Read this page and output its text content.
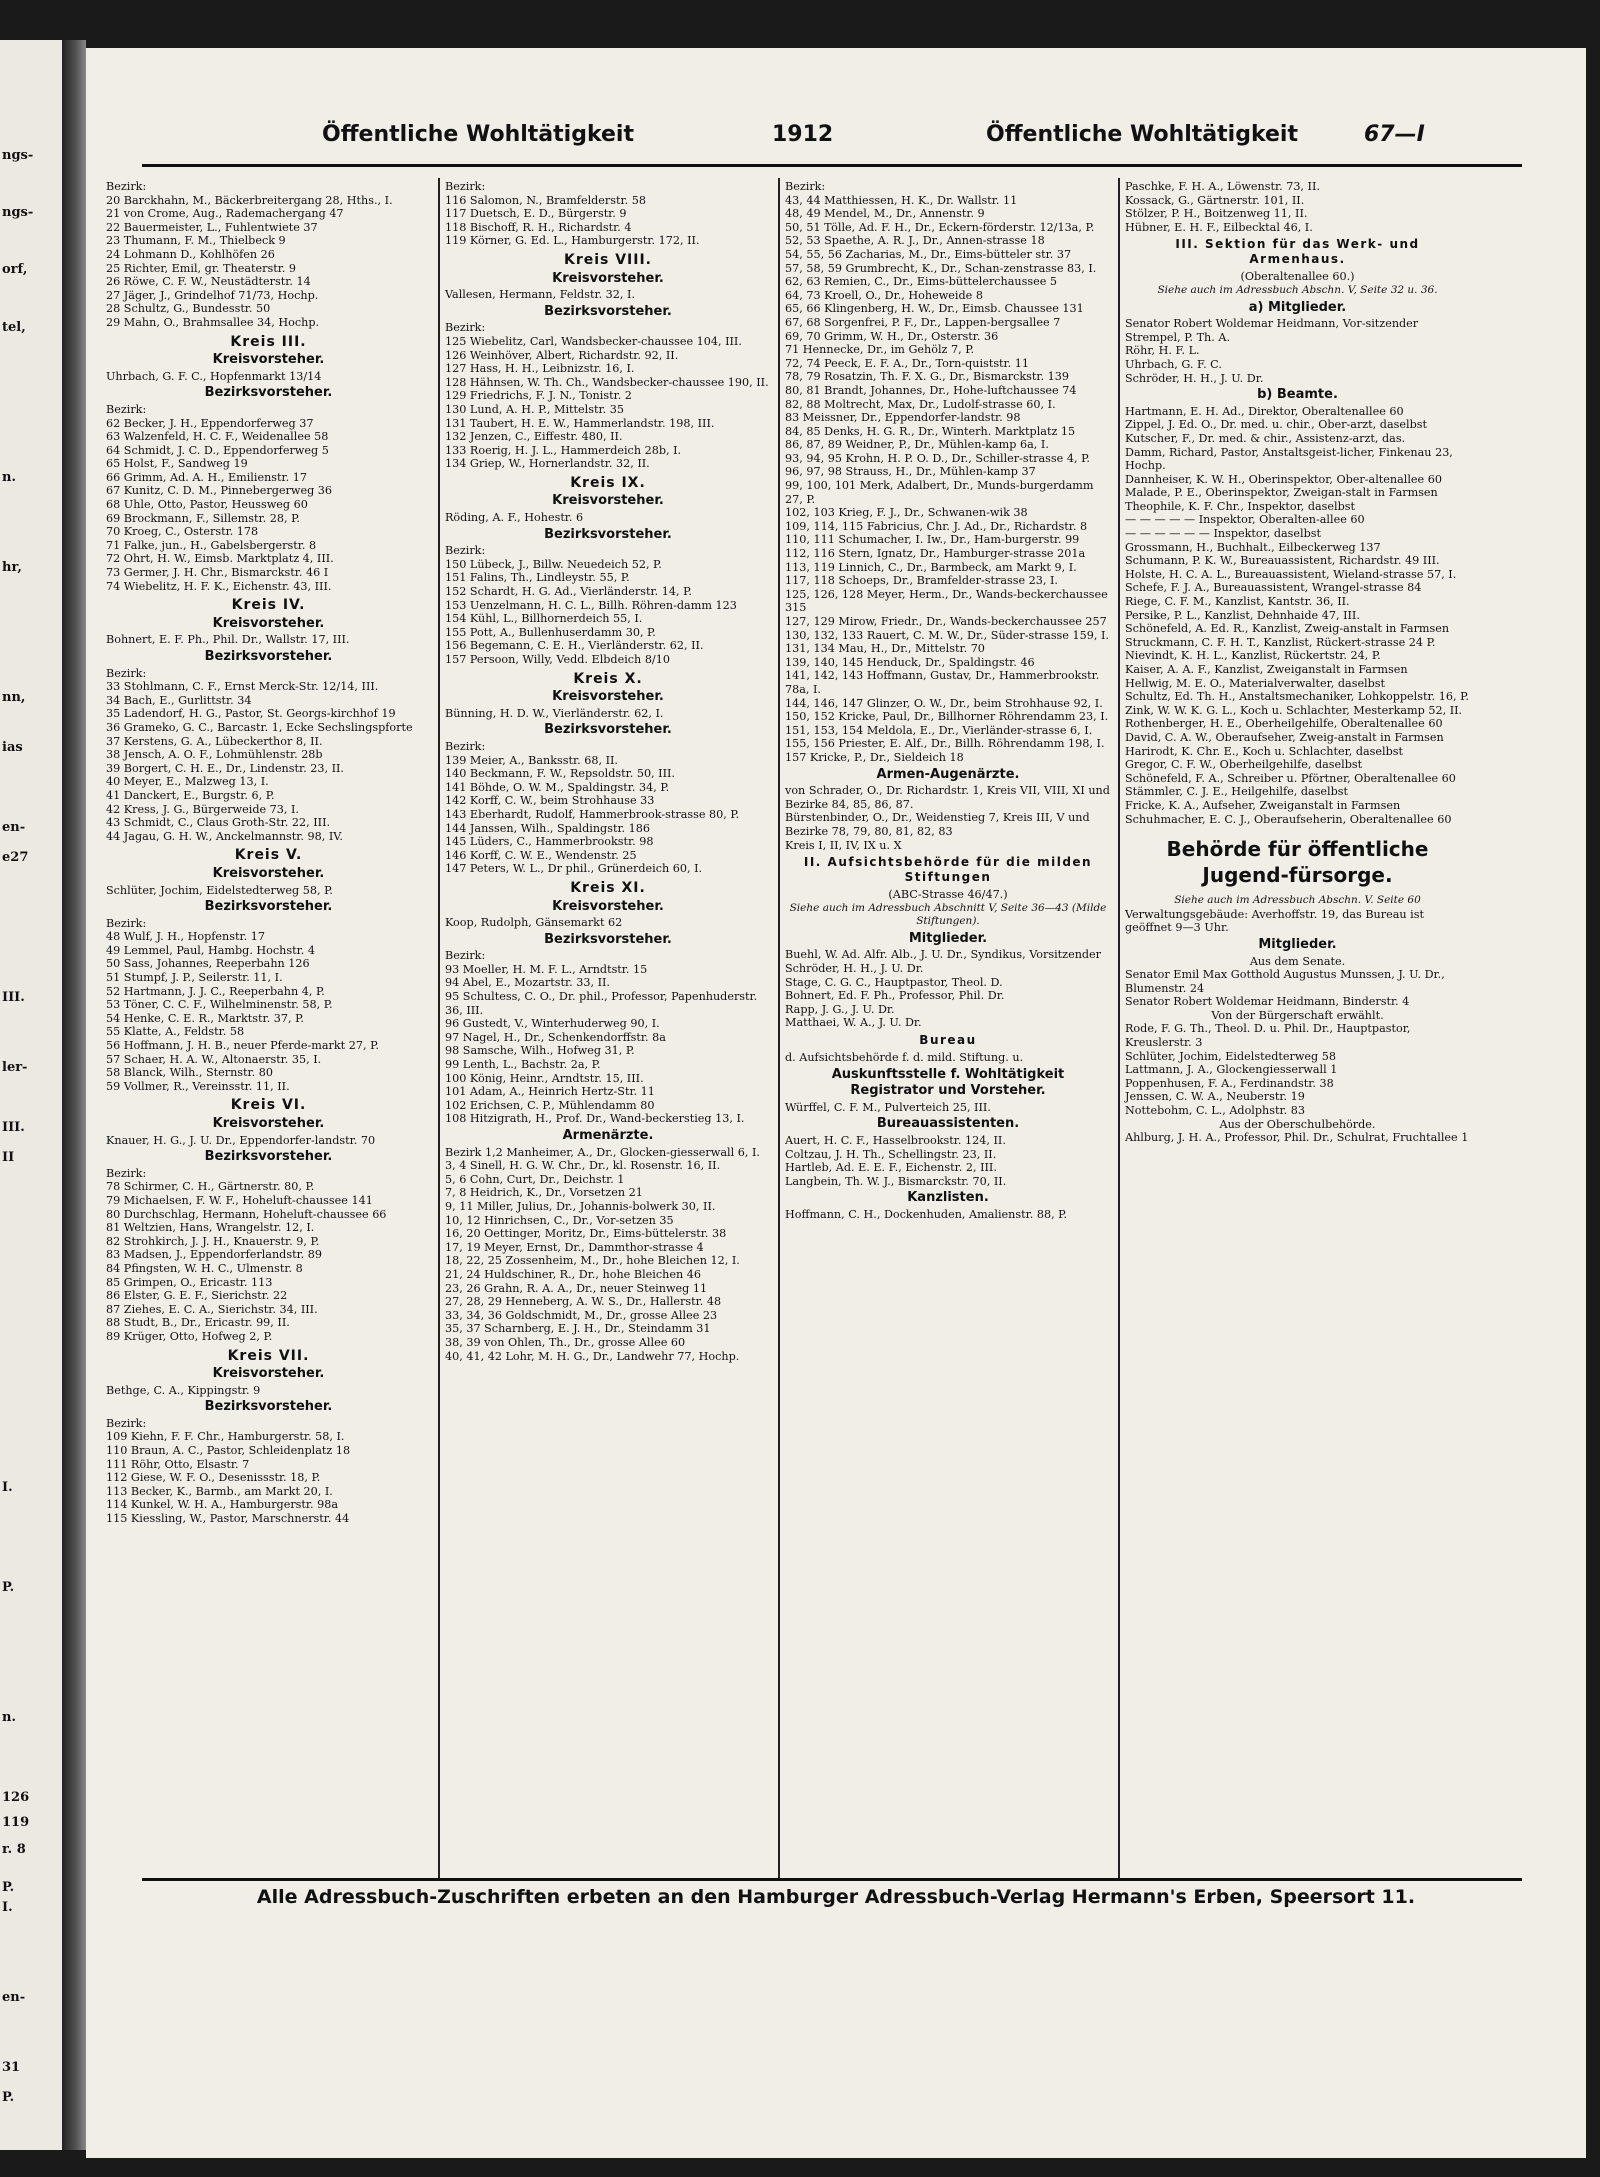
ngs-
ngs-
orf,
tel,
n.
hr,
nn,
ias
en-
e27
III.
ler-
III.
II
I.
P.
n.
126
119
r. 8
P.
I.
en-
31
P.
Öffentliche Wohltätigkeit	1912	Öffentliche Wohltätigkeit	67—I
Bezirk:
20 Barckhahn, M., Bäckerbreitergang 28, Hths., I.
21 von Crome, Aug., Rademachergang 47
22 Bauermeister, L., Fuhlentwiete 37
23 Thumann, F. M., Thielbeck 9
24 Lohmann D., Kohlhöfen 26
25 Richter, Emil, gr. Theaterstr. 9
26 Röwe, C. F. W., Neustädterstr. 14
27 Jäger, J., Grindelhof 71/73, Hochp.
28 Schultz, G., Bundesstr. 50
29 Mahn, O., Brahmsallee 34, Hochp.
Kreis III.
Kreisvorsteher.
Uhrbach, G. F. C., Hopfenmarkt 13/14
Bezirksvorsteher.
Bezirk:
62 Becker, J. H., Eppendorferweg 37
63 Walzenfeld, H. C. F., Weidenallee 58
64 Schmidt, J. C. D., Eppendorferweg 5
65 Holst, F., Sandweg 19
66 Grimm, Ad. A. H., Emilienstr. 17
67 Kunitz, C. D. M., Pinnebergerweg 36
68 Uhle, Otto, Pastor, Heussweg 60
69 Brockmann, F., Sillemstr. 28, P.
70 Kroeg, C., Osterstr. 178
71 Falke, jun., H., Gabelsbergerstr. 8
72 Ohrt, H. W., Eimsb. Marktplatz 4, III.
73 Germer, J. H. Chr., Bismarckstr. 46 I
74 Wiebelitz, H. F. K., Eichenstr. 43, III.
Kreis IV.
Kreisvorsteher.
Bohnert, E. F. Ph., Phil. Dr., Wallstr. 17, III.
Bezirksvorsteher.
Bezirk:
33 Stohlmann, C. F., Ernst Merck-Str. 12/14, III.
34 Bach, E., Gurlittstr. 34
35 Ladendorf, H. G., Pastor, St. Georgs-kirchhof 19
36 Grameko, G. C., Barcastr. 1, Ecke Sechslingspforte
37 Kerstens, G. A., Lübeckerthor 8, II.
38 Jensch, A. O. F., Lohmühlenstr. 28b
39 Borgert, C. H. E., Dr., Lindenstr. 23, II.
40 Meyer, E., Malzweg 13, I.
41 Danckert, E., Burgstr. 6, P.
42 Kress, J. G., Bürgerweide 73, I.
43 Schmidt, C., Claus Groth-Str. 22, III.
44 Jagau, G. H. W., Anckelmannstr. 98, IV.
Kreis V.
Kreisvorsteher.
Schlüter, Jochim, Eidelstedterweg 58, P.
Bezirksvorsteher.
Bezirk:
48 Wulf, J. H., Hopfenstr. 17
49 Lemmel, Paul, Hambg. Hochstr. 4
50 Sass, Johannes, Reeperbahn 126
51 Stumpf, J. P., Seilerstr. 11, I.
52 Hartmann, J. J. C., Reeperbahn 4, P.
53 Töner, C. C. F., Wilhelminenstr. 58, P.
54 Henke, C. E. R., Marktstr. 37, P.
55 Klatte, A., Feldstr. 58
56 Hoffmann, J. H. B., neuer Pferde-markt 27, P.
57 Schaer, H. A. W., Altonaerstr. 35, I.
58 Blanck, Wilh., Sternstr. 80
59 Vollmer, R., Vereinsstr. 11, II.
Kreis VI.
Kreisvorsteher.
Knauer, H. G., J. U. Dr., Eppendorfer-landstr. 70
Bezirksvorsteher.
Bezirk:
78 Schirmer, C. H., Gärtnerstr. 80, P.
79 Michaelsen, F. W. F., Hoheluft-chaussee 141
80 Durchschlag, Hermann, Hoheluft-chaussee 66
81 Weltzien, Hans, Wrangelstr. 12, I.
82 Strohkirch, J. J. H., Knauerstr. 9, P.
83 Madsen, J., Eppendorferlandstr. 89
84 Pfingsten, W. H. C., Ulmenstr. 8
85 Grimpen, O., Ericastr. 113
86 Elster, G. E. F., Sierichstr. 22
87 Ziehes, E. C. A., Sierichstr. 34, III.
88 Studt, B., Dr., Ericastr. 99, II.
89 Krüger, Otto, Hofweg 2, P.
Kreis VII.
Kreisvorsteher.
Bethge, C. A., Kippingstr. 9
Bezirksvorsteher.
Bezirk:
109 Kiehn, F. F. Chr., Hamburgerstr. 58, I.
110 Braun, A. C., Pastor, Schleidenplatz 18
111 Röhr, Otto, Elsastr. 7
112 Giese, W. F. O., Desenissstr. 18, P.
113 Becker, K., Barmb., am Markt 20, I.
114 Kunkel, W. H. A., Hamburgerstr. 98a
115 Kiessling, W., Pastor, Marschnerstr. 44
Bezirk:
116 Salomon, N., Bramfelderstr. 58
117 Duetsch, E. D., Bürgerstr. 9
118 Bischoff, R. H., Richardstr. 4
119 Körner, G. Ed. L., Hamburgerstr. 172, II.
Kreis VIII.
Kreisvorsteher.
Vallesen, Hermann, Feldstr. 32, I.
Bezirksvorsteher.
Bezirk:
125 Wiebelitz, Carl, Wandsbecker-chaussee 104, III.
126 Weinhöver, Albert, Richardstr. 92, II.
127 Hass, H. H., Leibnizstr. 16, I.
128 Hähnsen, W. Th. Ch., Wandsbecker-chaussee 190, II.
129 Friedrichs, F. J. N., Tonistr. 2
130 Lund, A. H. P., Mittelstr. 35
131 Taubert, H. E. W., Hammerlandstr. 198, III.
132 Jenzen, C., Eiffestr. 480, II.
133 Roerig, H. J. L., Hammerdeich 28b, I.
134 Griep, W., Hornerlandstr. 32, II.
Kreis IX.
Kreisvorsteher.
Röding, A. F., Hohestr. 6
Bezirksvorsteher.
Bezirk:
150 Lübeck, J., Billw. Neuedeich 52, P.
151 Falins, Th., Lindleystr. 55, P.
152 Schardt, H. G. Ad., Vierländerstr. 14, P.
153 Uenzelmann, H. C. L., Billh. Röhren-damm 123
154 Kühl, L., Billhornerdeich 55, I.
155 Pott, A., Bullenhuserdamm 30, P.
156 Begemann, C. E. H., Vierländerstr. 62, II.
157 Persoon, Willy, Vedd. Elbdeich 8/10
Kreis X.
Kreisvorsteher.
Bünning, H. D. W., Vierländerstr. 62, I.
Bezirksvorsteher.
Bezirk:
139 Meier, A., Banksstr. 68, II.
140 Beckmann, F. W., Repsoldstr. 50, III.
141 Böhde, O. W. M., Spaldingstr. 34, P.
142 Korff, C. W., beim Strohhause 33
143 Eberhardt, Rudolf, Hammerbrook-strasse 80, P.
144 Janssen, Wilh., Spaldingstr. 186
145 Lüders, C., Hammerbrookstr. 98
146 Korff, C. W. E., Wendenstr. 25
147 Peters, W. L., Dr phil., Grünerdeich 60, I.
Kreis XI.
Kreisvorsteher.
Koop, Rudolph, Gänsemarkt 62
Bezirksvorsteher.
Bezirk:
93 Moeller, H. M. F. L., Arndtstr. 15
94 Abel, E., Mozartstr. 33, II.
95 Schultess, C. O., Dr. phil., Professor, Papenhuderstr. 36, III.
96 Gustedt, V., Winterhuderweg 90, I.
97 Nagel, H., Dr., Schenkendorffstr. 8a
98 Samsche, Wilh., Hofweg 31, P.
99 Lenth, L., Bachstr. 2a, P.
100 König, Heinr., Arndtstr. 15, III.
101 Adam, A., Heinrich Hertz-Str. 11
102 Erichsen, C. P., Mühlendamm 80
108 Hitzigrath, H., Prof. Dr., Wand-beckerstieg 13, I.
Armenärzte.
Bezirk 1,2 Manheimer, A., Dr., Glocken-giesserwall 6, I.
3, 4 Sinell, H. G. W. Chr., Dr., kl. Rosenstr. 16, II.
5, 6 Cohn, Curt, Dr., Deichstr. 1
7, 8 Heidrich, K., Dr., Vorsetzen 21
9, 11 Miller, Julius, Dr., Johannis-bolwerk 30, II.
10, 12 Hinrichsen, C., Dr., Vor-setzen 35
16, 20 Oettinger, Moritz, Dr., Eims-büttelerstr. 38
17, 19 Meyer, Ernst, Dr., Dammthor-strasse 4
18, 22, 25 Zossenheim, M., Dr., hohe Bleichen 12, I.
21, 24 Huldschiner, R., Dr., hohe Bleichen 46
23, 26 Grahn, R. A. A., Dr., neuer Steinweg 11
27, 28, 29 Henneberg, A. W. S., Dr., Hallerstr. 48
33, 34, 36 Goldschmidt, M., Dr., grosse Allee 23
35, 37 Scharnberg, E. J. H., Dr., Steindamm 31
38, 39 von Ohlen, Th., Dr., grosse Allee 60
40, 41, 42 Lohr, M. H. G., Dr., Landwehr 77, Hochp.
Bezirk:
43, 44 Matthiessen, H. K., Dr. Wallstr. 11
48, 49 Mendel, M., Dr., Annenstr. 9
50, 51 Tölle, Ad. F. H., Dr., Eckern-förderstr. 12/13a, P.
52, 53 Spaethe, A. R. J., Dr., Annen-strasse 18
54, 55, 56 Zacharias, M., Dr., Eims-bütteler str. 37
57, 58, 59 Grumbrecht, K., Dr., Schan-zenstrasse 83, I.
62, 63 Remien, C., Dr., Eims-büttelerchaussee 5
64, 73 Kroell, O., Dr., Hoheweide 8
65, 66 Klingenberg, H. W., Dr., Eimsb. Chaussee 131
67, 68 Sorgenfrei, P. F., Dr., Lappen-bergsallee 7
69, 70 Grimm, W. H., Dr., Osterstr. 36
71 Hennecke, Dr., im Gehölz 7, P.
72, 74 Peeck, E. F. A., Dr., Torn-quiststr. 11
78, 79 Rosatzin, Th. F. X. G., Dr., Bismarckstr. 139
80, 81 Brandt, Johannes, Dr., Hohe-luftchaussee 74
82, 88 Moltrecht, Max, Dr., Ludolf-strasse 60, I.
83 Meissner, Dr., Eppendorfer-landstr. 98
84, 85 Denks, H. G. R., Dr., Winterh. Marktplatz 15
86, 87, 89 Weidner, P., Dr., Mühlen-kamp 6a, I.
93, 94, 95 Krohn, H. P. O. D., Dr., Schiller-strasse 4, P.
96, 97, 98 Strauss, H., Dr., Mühlen-kamp 37
99, 100, 101 Merk, Adalbert, Dr., Munds-burgerdamm 27, P.
102, 103 Krieg, F. J., Dr., Schwanen-wik 38
109, 114, 115 Fabricius, Chr. J. Ad., Dr., Richardstr. 8
110, 111 Schumacher, I. Iw., Dr., Ham-burgerstr. 99
112, 116 Stern, Ignatz, Dr., Hamburger-strasse 201a
113, 119 Linnich, C., Dr., Barmbeck, am Markt 9, I.
117, 118 Schoeps, Dr., Bramfelder-strasse 23, I.
125, 126, 128 Meyer, Herm., Dr., Wands-beckerchaussee 315
127, 129 Mirow, Friedr., Dr., Wands-beckerchaussee 257
130, 132, 133 Rauert, C. M. W., Dr., Süder-strasse 159, I.
131, 134 Mau, H., Dr., Mittelstr. 70
139, 140, 145 Henduck, Dr., Spaldingstr. 46
141, 142, 143 Hoffmann, Gustav, Dr., Hammerbrookstr. 78a, I.
144, 146, 147 Glinzer, O. W., Dr., beim Strohhause 92, I.
150, 152 Kricke, Paul, Dr., Billhorner Röhrendamm 23, I.
151, 153, 154 Meldola, E., Dr., Vierländer-strasse 6, I.
155, 156 Priester, E. Alf., Dr., Billh. Röhrendamm 198, I.
157 Kricke, P., Dr., Sieldeich 18
Armen-Augenärzte.
von Schrader, O., Dr. Richardstr. 1, Kreis VII, VIII, XI und Bezirke 84, 85, 86, 87.
Bürstenbinder, O., Dr., Weidenstieg 7, Kreis III, V und Bezirke 78, 79, 80, 81, 82, 83
Kreis I, II, IV, IX u. X
II. Aufsichtsbehörde für die milden Stiftungen
(ABC-Strasse 46/47.)
Siehe auch im Adressbuch Abschnitt V, Seite 36—43 (Milde Stiftungen).
Mitglieder.
Buehl, W. Ad. Alfr. Alb., J. U. Dr., Syndikus, Vorsitzender
Schröder, H. H., J. U. Dr.
Stage, C. G. C., Hauptpastor, Theol. D.
Bohnert, Ed. F. Ph., Professor, Phil. Dr.
Rapp, J. G., J. U. Dr.
Matthaei, W. A., J. U. Dr.
Bureau
d. Aufsichtsbehörde f. d. mild. Stiftung. u.
Auskunftsstelle f. Wohltätigkeit
Registrator und Vorsteher.
Würffel, C. F. M., Pulverteich 25, III.
Bureauassistenten.
Auert, H. C. F., Hasselbrookstr. 124, II.
Coltzau, J. H. Th., Schellingstr. 23, II.
Hartleb, Ad. E. E. F., Eichenstr. 2, III.
Langbein, Th. W. J., Bismarckstr. 70, II.
Kanzlisten.
Hoffmann, C. H., Dockenhuden, Amalienstr. 88, P.
Paschke, F. H. A., Löwenstr. 73, II.
Kossack, G., Gärtnerstr. 101, II.
Stölzer, P. H., Boitzenweg 11, II.
Hübner, E. H. F., Eilbecktal 46, I.
III. Sektion für das Werk- und Armenhaus.
(Oberaltenallee 60.)
Siehe auch im Adressbuch Abschn. V, Seite 32 u. 36.
a) Mitglieder.
Senator Robert Woldemar Heidmann, Vor-sitzender
Strempel, P. Th. A.
Röhr, H. F. L.
Uhrbach, G. F. C.
Schröder, H. H., J. U. Dr.
b) Beamte.
Hartmann, E. H. Ad., Direktor, Oberaltenallee 60
Zippel, J. Ed. O., Dr. med. u. chir., Ober-arzt, daselbst
Kutscher, F., Dr. med. & chir., Assistenz-arzt, das.
Damm, Richard, Pastor, Anstaltsgeist-licher, Finkenau 23, Hochp.
Dannheiser, K. W. H., Oberinspektor, Ober-altenallee 60
Malade, P. E., Oberinspektor, Zweigan-stalt in Farmsen
Theophile, K. F. Chr., Inspektor, daselbst
— — — — — Inspektor, Oberalten-allee 60
— — — — — — Inspektor, daselbst
Grossmann, H., Buchhalt., Eilbeckerweg 137
Schumann, P. K. W., Bureauassistent, Richardstr. 49 III.
Holste, H. C. A. L., Bureauassistent, Wieland-strasse 57, I.
Schefe, F. J. A., Bureauassistent, Wrangel-strasse 84
Riege, C. F. M., Kanzlist, Kantstr. 36, II.
Persike, P. L., Kanzlist, Dehnhaide 47, III.
Schönefeld, A. Ed. R., Kanzlist, Zweig-anstalt in Farmsen
Struckmann, C. F. H. T., Kanzlist, Rückert-strasse 24 P.
Nievindt, K. H. L., Kanzlist, Rückertstr. 24, P.
Kaiser, A. A. F., Kanzlist, Zweiganstalt in Farmsen
Hellwig, M. E. O., Materialverwalter, daselbst
Schultz, Ed. Th. H., Anstaltsmechaniker, Lohkoppelstr. 16, P.
Zink, W. W. K. G. L., Koch u. Schlachter, Mesterkamp 52, II.
Rothenberger, H. E., Oberheilgehilfe, Oberaltenallee 60
David, C. A. W., Oberaufseher, Zweig-anstalt in Farmsen
Harirodt, K. Chr. E., Koch u. Schlachter, daselbst
Gregor, C. F. W., Oberheilgehilfe, daselbst
Schönefeld, F. A., Schreiber u. Pförtner, Oberaltenallee 60
Stämmler, C. J. E., Heilgehilfe, daselbst
Fricke, K. A., Aufseher, Zweiganstalt in Farmsen
Schuhmacher, E. C. J., Oberaufseherin, Oberaltenallee 60
Behörde für öffentliche Jugend-fürsorge.
Siehe auch im Adressbuch Abschn. V. Seite 60
Verwaltungsgebäude: Averhoffstr. 19, das Bureau ist geöffnet 9—3 Uhr.
Mitglieder.
Aus dem Senate.
Senator Emil Max Gotthold Augustus Munssen, J. U. Dr., Blumenstr. 24
Senator Robert Woldemar Heidmann, Binderstr. 4
Von der Bürgerschaft erwählt.
Rode, F. G. Th., Theol. D. u. Phil. Dr., Hauptpastor, Kreuslerstr. 3
Schlüter, Jochim, Eidelstedterweg 58
Lattmann, J. A., Glockengiesserwall 1
Poppenhusen, F. A., Ferdinandstr. 38
Jenssen, C. W. A., Neuberstr. 19
Nottebohm, C. L., Adolphstr. 83
Aus der Oberschulbehörde.
Ahlburg, J. H. A., Professor, Phil. Dr., Schulrat, Fruchtallee 1
Alle Adressbuch-Zuschriften erbeten an den Hamburger Adressbuch-Verlag Hermann's Erben, Speersort 11.
